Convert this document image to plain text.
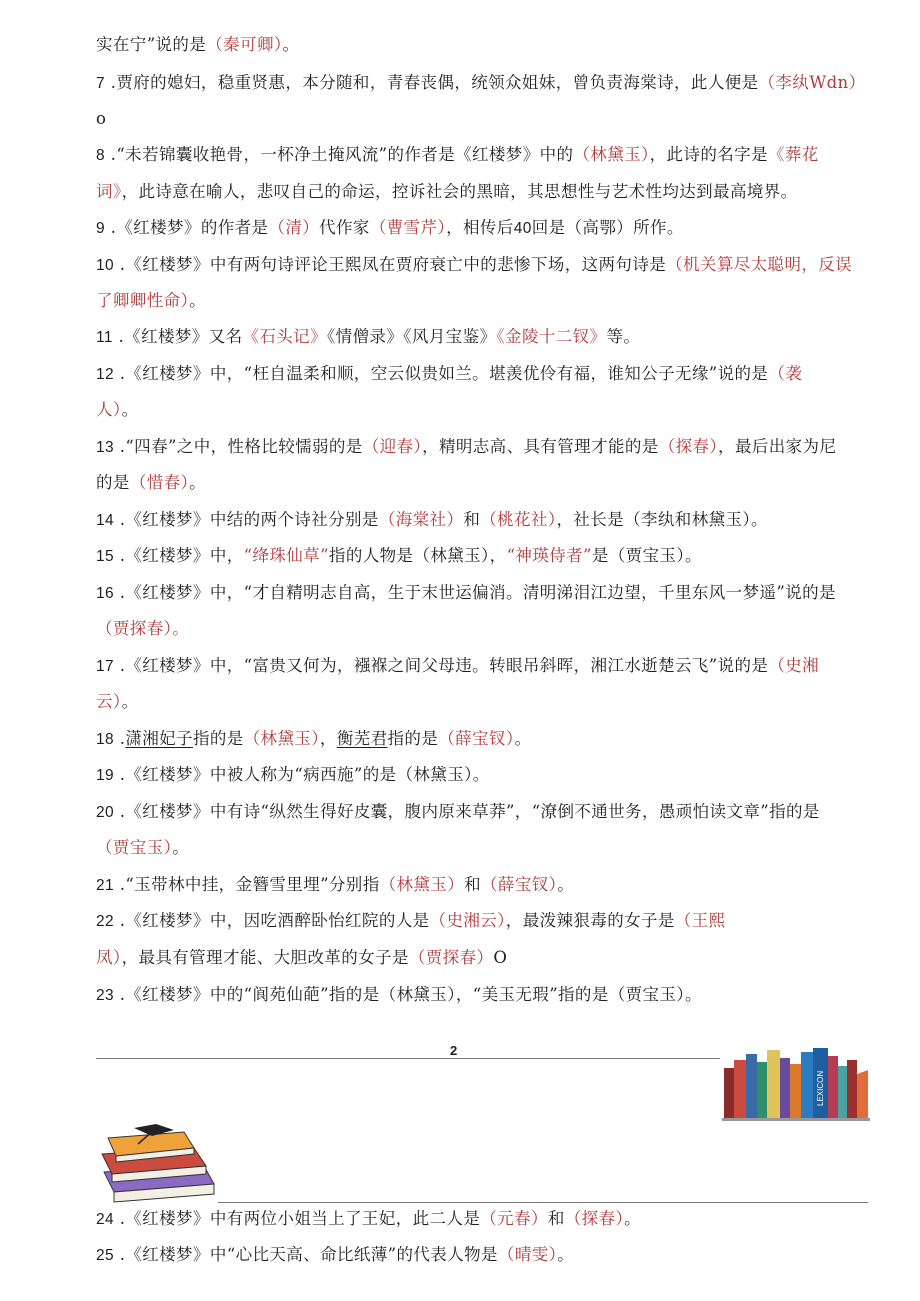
实在宁”说的是（秦可卿）。
7 .贾府的媳妇，稳重贤惠，本分随和，青春丧偶，统领众姐妹，曾负责海棠诗，此人便是（李纨Wdn）
o
8 .“未若锦囊收艳骨，一杯净土掩风流”的作者是《红楼梦》中的（林黛玉），此诗的名字是《葬花
词》，此诗意在喻人，悲叹自己的命运，控诉社会的黑暗，其思想性与艺术性均达到最高境界。
9 .《红楼梦》的作者是（清）代作家（曹雪芹），相传后40回是（高鄂）所作。
10 .《红楼梦》中有两句诗评论王熙凤在贾府衰亡中的悲惨下场，这两句诗是（机关算尽太聪明，反误
了卿卿性命）。
11 .《红楼梦》又名《石头记》《情僧录》《风月宝鉴》《金陵十二钗》等。
12 .《红楼梦》中，“枉自温柔和顺，空云似贵如兰。堪羡优伶有福，谁知公子无缘”说的是（袭
人）。
13 .“四春”之中，性格比较懦弱的是（迎春），精明志高、具有管理才能的是（探春），最后出家为尼
的是（惜春）。
14 .《红楼梦》中结的两个诗社分别是（海棠社）和（桃花社），社长是（李纨和林黛玉）。
15 .《红楼梦》中，“绛珠仙草”指的人物是（林黛玉），“神瑛侍者”是（贾宝玉）。
16 .《红楼梦》中，“才自精明志自高，生于末世运偏消。清明涕泪江边望，千里东风一梦遥”说的是
（贾探春）。
17 .《红楼梦》中，“富贵又何为，襁褓之间父母违。转眼吊斜晖，湘江水逝楚云飞”说的是（史湘
云）。
18 .潇湘妃子指的是（林黛玉），衡芜君指的是（薛宝钗）。
19 .《红楼梦》中被人称为“病西施”的是（林黛玉）。
20 .《红楼梦》中有诗“纵然生得好皮囊，腹内原来草莽”，“潦倒不通世务，愚顽怕读文章”指的是
（贾宝玉）。
21 .“玉带林中挂，金簪雪里埋”分别指（林黛玉）和（薛宝钗）。
22 .《红楼梦》中，因吃酒醉卧怡红院的人是（史湘云），最泼辣狠毒的女子是（王熙
凤），最具有管理才能、大胆改革的女子是（贾探春）O
23 .《红楼梦》中的“阆苑仙葩”指的是（林黛玉），“美玉无瑕”指的是（贾宝玉）。
2
LEXICON
24 .《红楼梦》中有两位小姐当上了王妃，此二人是（元春）和（探春）。
25 .《红楼梦》中“心比天高、命比纸薄”的代表人物是（晴雯）。
